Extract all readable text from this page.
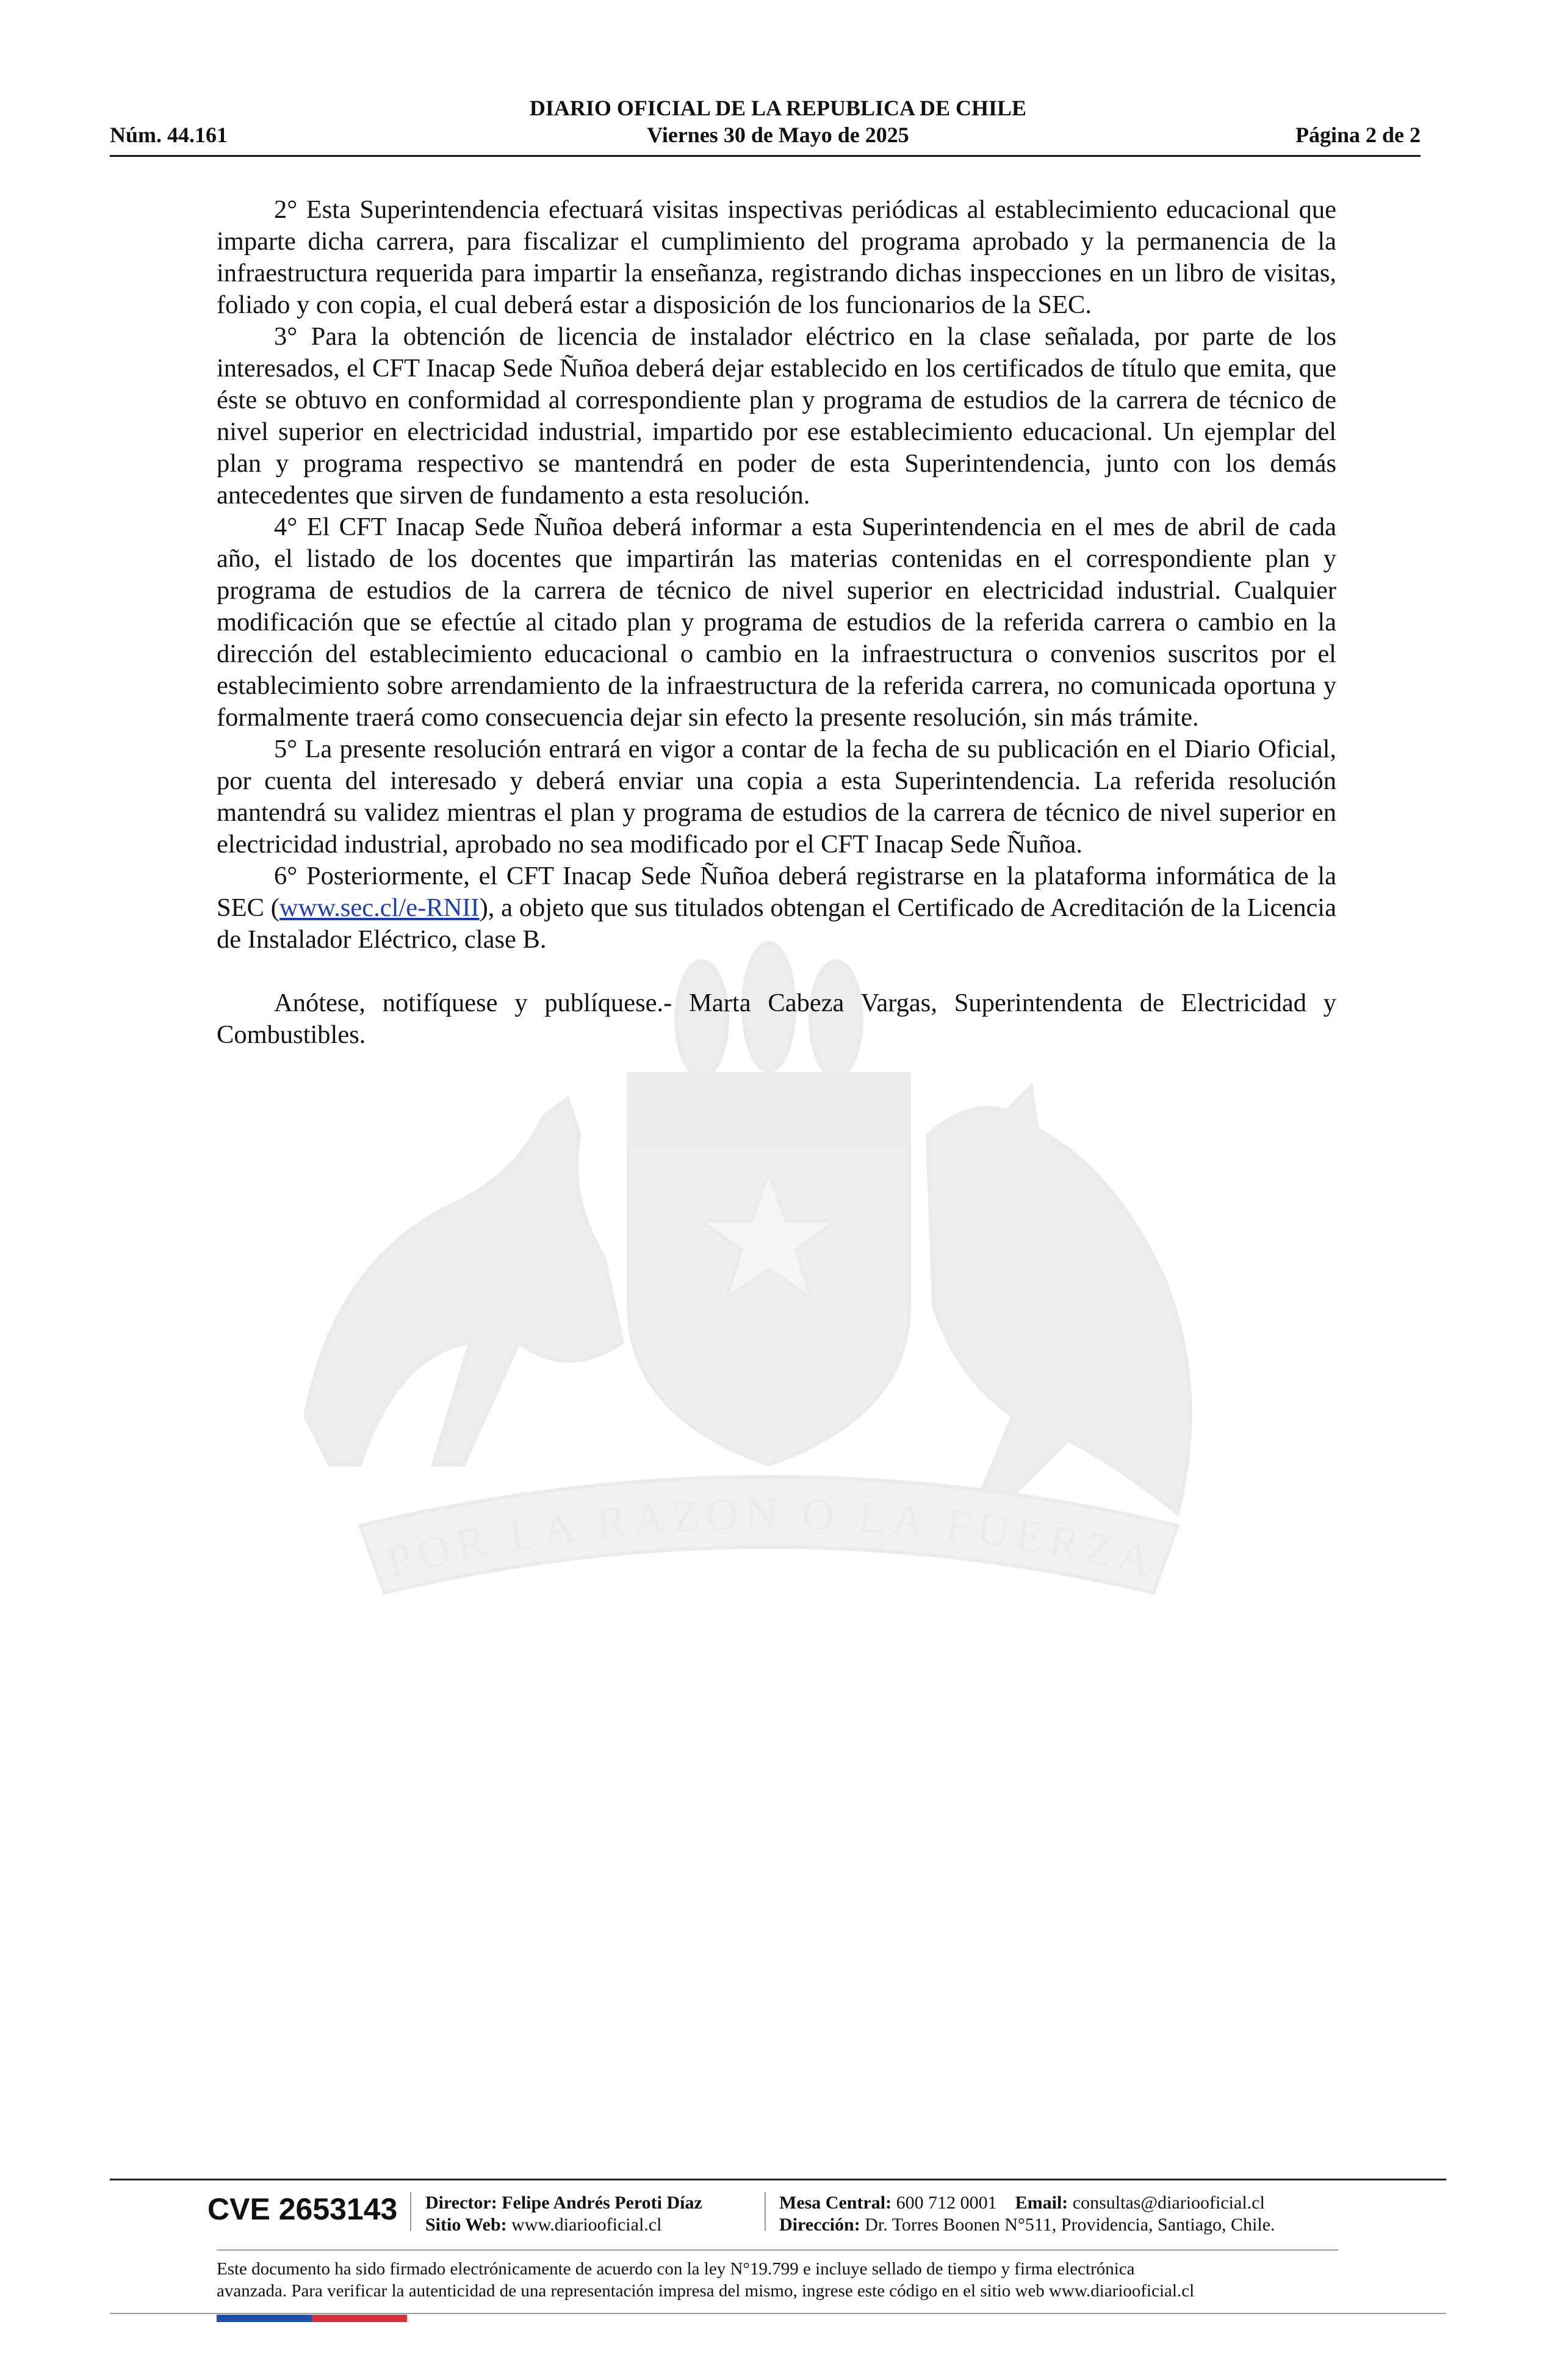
POR LA RAZON O LA FUERZA
DIARIO OFICIAL DE LA REPUBLICA DE CHILE
Núm. 44.161	Viernes 30 de Mayo de 2025	Página 2 de 2

2° Esta Superintendencia efectuará visitas inspectivas periódicas al establecimiento educacional que imparte dicha carrera, para fiscalizar el cumplimiento del programa aprobado y la permanencia de la infraestructura requerida para impartir la enseñanza, registrando dichas inspecciones en un libro de visitas, foliado y con copia, el cual deberá estar a disposición de los funcionarios de la SEC.

3° Para la obtención de licencia de instalador eléctrico en la clase señalada, por parte de los interesados, el CFT Inacap Sede Ñuñoa deberá dejar establecido en los certificados de título que emita, que éste se obtuvo en conformidad al correspondiente plan y programa de estudios de la carrera de técnico de nivel superior en electricidad industrial, impartido por ese establecimiento educacional. Un ejemplar del plan y programa respectivo se mantendrá en poder de esta Superintendencia, junto con los demás antecedentes que sirven de fundamento a esta resolución.

4° El CFT Inacap Sede Ñuñoa deberá informar a esta Superintendencia en el mes de abril de cada año, el listado de los docentes que impartirán las materias contenidas en el correspondiente plan y programa de estudios de la carrera de técnico de nivel superior en electricidad industrial. Cualquier modificación que se efectúe al citado plan y programa de estudios de la referida carrera o cambio en la dirección del establecimiento educacional o cambio en la infraestructura o convenios suscritos por el establecimiento sobre arrendamiento de la infraestructura de la referida carrera, no comunicada oportuna y formalmente traerá como consecuencia dejar sin efecto la presente resolución, sin más trámite.

5° La presente resolución entrará en vigor a contar de la fecha de su publicación en el Diario Oficial, por cuenta del interesado y deberá enviar una copia a esta Superintendencia. La referida resolución mantendrá su validez mientras el plan y programa de estudios de la carrera de técnico de nivel superior en electricidad industrial, aprobado no sea modificado por el CFT Inacap Sede Ñuñoa.

6° Posteriormente, el CFT Inacap Sede Ñuñoa deberá registrarse en la plataforma informática de la SEC (www.sec.cl/e-RNII), a objeto que sus titulados obtengan el Certificado de Acreditación de la Licencia de Instalador Eléctrico, clase B.

Anótese, notifíquese y publíquese.- Marta Cabeza Vargas, Superintendenta de Electricidad y Combustibles.

CVE 2653143 Director: Felipe Andrés Peroti Díaz
Sitio Web: www.diariooficial.cl
Mesa Central: 600 712 0001 Email: consultas@diariooficial.cl
Dirección: Dr. Torres Boonen N°511, Providencia, Santiago, Chile.
Este documento ha sido firmado electrónicamente de acuerdo con la ley N°19.799 e incluye sellado de tiempo y firma electrónica
avanzada. Para verificar la autenticidad de una representación impresa del mismo, ingrese este código en el sitio web www.diariooficial.cl
